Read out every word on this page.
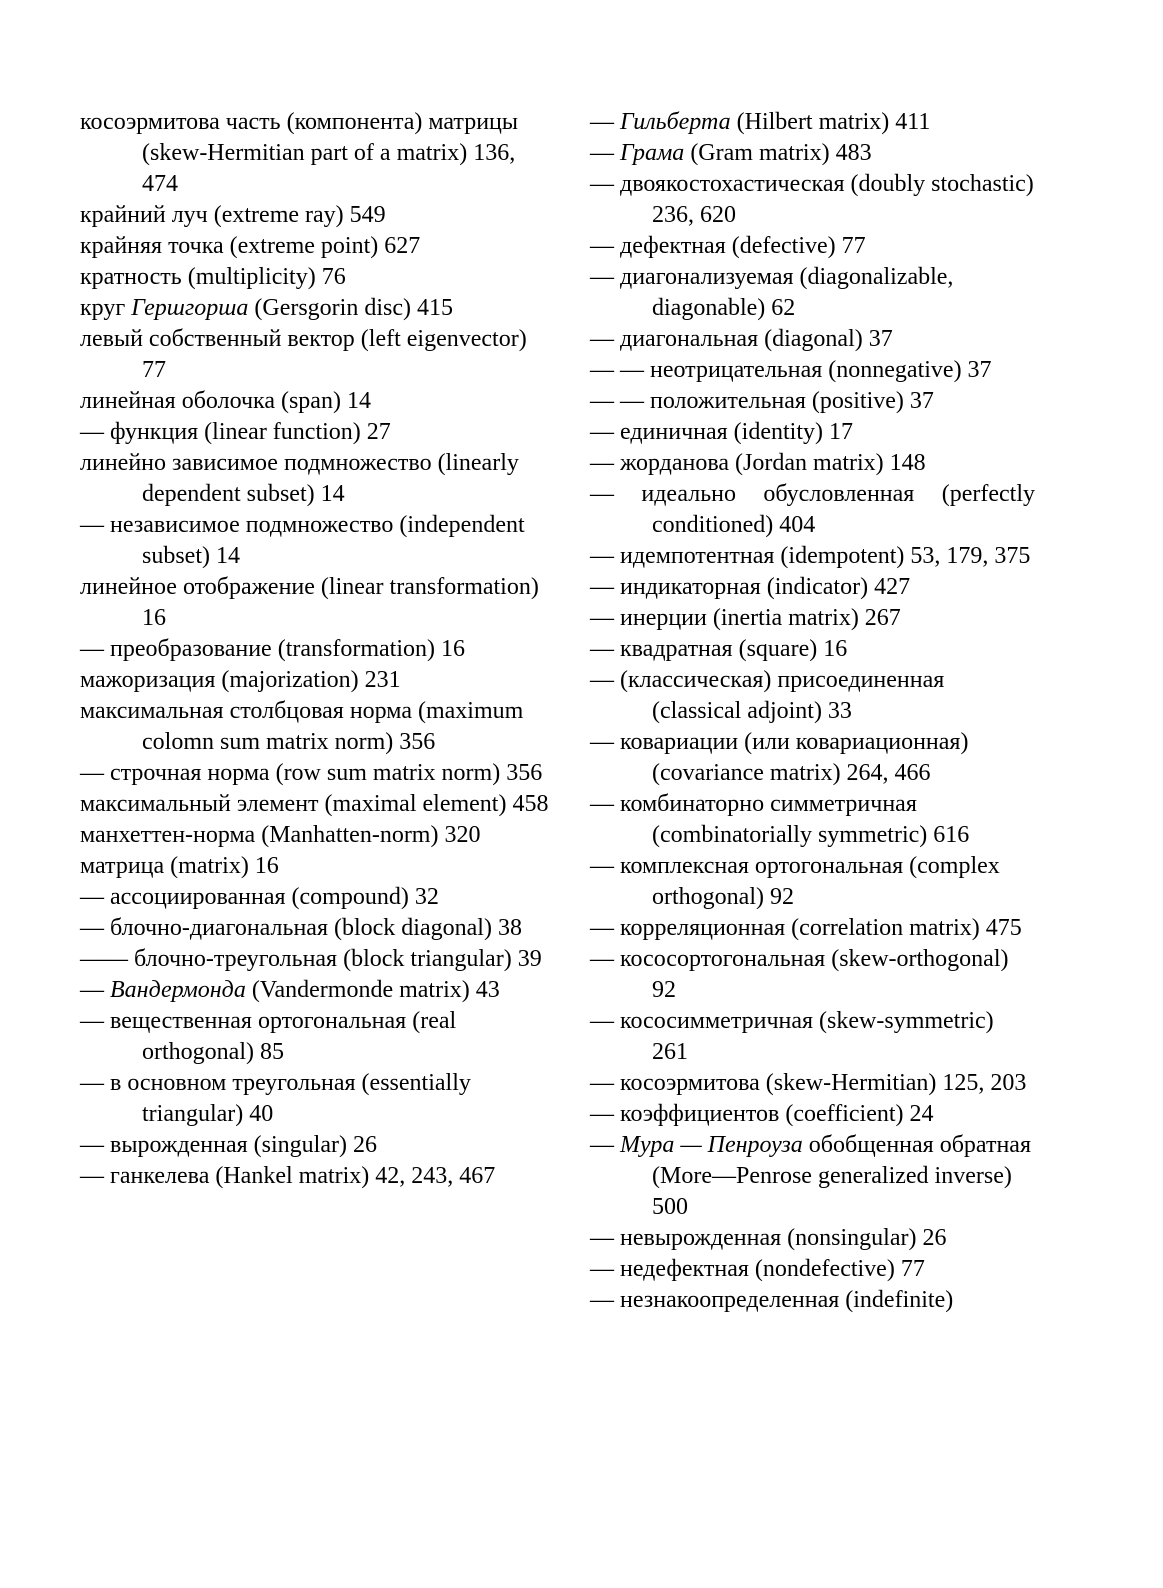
косоэрмитова часть (компонента) матрицы (skew-Hermitian part of a matrix) 136, 474
крайний луч (extreme ray) 549
крайняя точка (extreme point) 627
кратность (multiplicity) 76
круг Гершгорша (Gersgorin disc) 415
левый собственный вектор (left eigenvector) 77
линейная оболочка (span) 14
— функция (linear function) 27
линейно зависимое подмножество (linearly dependent subset) 14
— независимое подмножество (independent subset) 14
линейное отображение (linear transformation) 16
— преобразование (transformation) 16
мажоризация (majorization) 231
максимальная столбцовая норма (maximum colomn sum matrix norm) 356
— строчная норма (row sum matrix norm) 356
максимальный элемент (maximal element) 458
манхеттен-норма (Manhatten-norm) 320
матрица (matrix) 16
— ассоциированная (compound) 32
— блочно-диагональная (block diagonal) 38
—— блочно-треугольная (block triangular) 39
— Вандермонда (Vandermonde matrix) 43
— вещественная ортогональная (real orthogonal) 85
— в основном треугольная (essentially triangular) 40
— вырожденная (singular) 26
— ганкелева (Hankel matrix) 42, 243, 467
— Гильберта (Hilbert matrix) 411
— Грама (Gram matrix) 483
— двоякостохастическая (doubly stochastic) 236, 620
— дефектная (defective) 77
— диагонализуемая (diagonalizable, diagonable) 62
— диагональная (diagonal) 37
— — неотрицательная (nonnegative) 37
— — положительная (positive) 37
— единичная (identity) 17
— жорданова (Jordan matrix) 148
— идеально обусловленная (perfectly conditioned) 404
— идемпотентная (idempotent) 53, 179, 375
— индикаторная (indicator) 427
— инерции (inertia matrix) 267
— квадратная (square) 16
— (классическая) присоединенная (classical adjoint) 33
— ковариации (или ковариационная) (covariance matrix) 264, 466
— комбинаторно симметричная (combinatorially symmetric) 616
— комплексная ортогональная (complex orthogonal) 92
— корреляционная (correlation matrix) 475
— кососортогональная (skew-orthogonal) 92
— кососимметричная (skew-symmetric) 261
— косоэрмитова (skew-Hermitian) 125, 203
— коэффициентов (coefficient) 24
— Мура — Пенроуза обобщенная обратная (More—Penrose generalized inverse) 500
— невырожденная (nonsingular) 26
— недефектная (nondefective) 77
— незнакоопределенная (indefinite)
